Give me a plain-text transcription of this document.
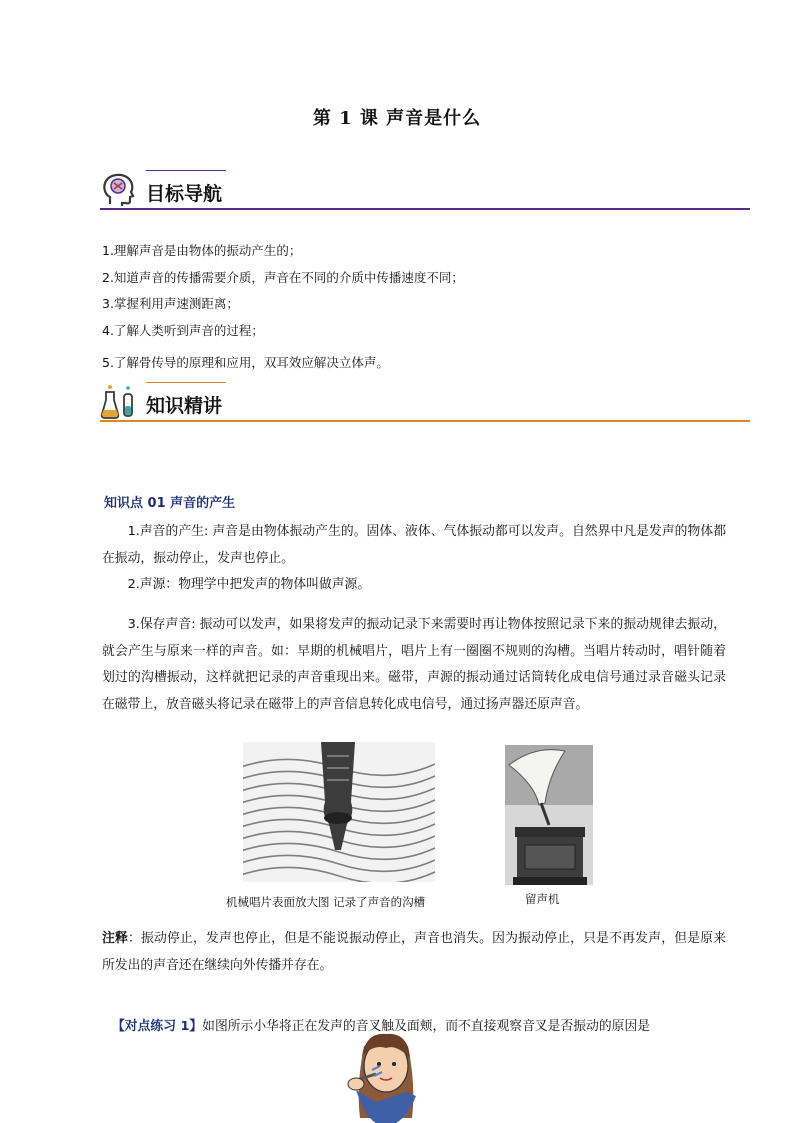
第 1 课 声音是什么
目标导航
1.理解声音是由物体的振动产生的；
2.知道声音的传播需要介质，声音在不同的介质中传播速度不同；
3.掌握利用声速测距离；
4.了解人类听到声音的过程；
5.了解骨传导的原理和应用，双耳效应解决立体声。
知识精讲
知识点 01 声音的产生
1.声音的产生: 声音是由物体振动产生的。固体、液体、气体振动都可以发声。自然界中凡是发声的物体都在振动，振动停止，发声也停止。
2.声源：物理学中把发声的物体叫做声源。
3.保存声音: 振动可以发声，如果将发声的振动记录下来需要时再让物体按照记录下来的振动规律去振动，就会产生与原来一样的声音。如：早期的机械唱片，唱片上有一圈圈不规则的沟槽。当唱片转动时，唱针随着划过的沟槽振动，这样就把记录的声音重现出来。磁带，声源的振动通过话筒转化成电信号通过录音磁头记录在磁带上，放音磁头将记录在磁带上的声音信息转化成电信号，通过扬声器还原声音。
机械唱片表面放大图 记录了声音的沟槽	留声机
注释：振动停止，发声也停止，但是不能说振动停止，声音也消失。因为振动停止，只是不再发声，但是原来所发出的声音还在继续向外传播并存在。
【对点练习 1】如图所示小华将正在发声的音叉触及面颊，而不直接观察音叉是否振动的原因是
